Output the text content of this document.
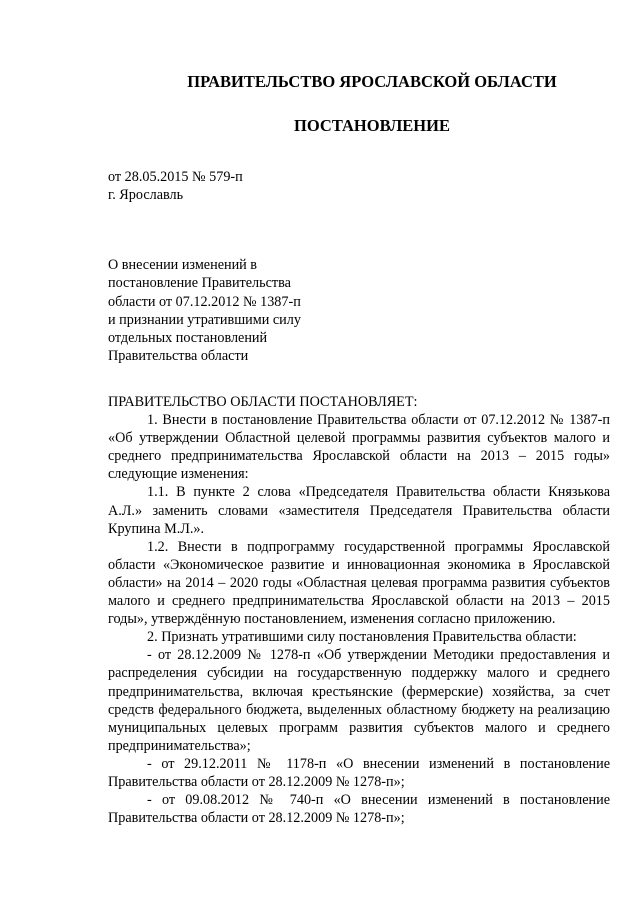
ПРАВИТЕЛЬСТВО ЯРОСЛАВСКОЙ ОБЛАСТИ
ПОСТАНОВЛЕНИЕ
от 28.05.2015 № 579-п
г. Ярославль
О внесении изменений в
постановление Правительства
области от 07.12.2012 № 1387-п
и признании утратившими силу
отдельных постановлений
Правительства области

ПРАВИТЕЛЬСТВО ОБЛАСТИ ПОСТАНОВЛЯЕТ:

1. Внести в постановление Правительства области от 07.12.2012 № 1387-п «Об утверждении Областной целевой программы развития субъектов малого и среднего предпринимательства Ярославской области на 2013 – 2015 годы» следующие изменения:

1.1. В пункте 2 слова «Председателя Правительства области Князькова А.Л.» заменить словами «заместителя Председателя Правительства области Крупина М.Л.».

1.2. Внести в подпрограмму государственной программы Ярославской области «Экономическое развитие и инновационная экономика в Ярославской области» на 2014 – 2020 годы «Областная целевая программа развития субъектов малого и среднего предпринимательства Ярославской области на 2013 – 2015 годы», утверждённую постановлением, изменения согласно приложению.

2. Признать утратившими силу постановления Правительства области:

- от 28.12.2009 № 1278-п «Об утверждении Методики предоставления и распределения субсидии на государственную поддержку малого и среднего предпринимательства, включая крестьянские (фермерские) хозяйства, за счет средств федерального бюджета, выделенных областному бюджету на реализацию муниципальных целевых программ развития субъектов малого и среднего предпринимательства»;

- от 29.12.2011 № 1178-п «О внесении изменений в постановление Правительства области от 28.12.2009 № 1278-п»;

- от 09.08.2012 № 740-п «О внесении изменений в постановление Правительства области от 28.12.2009 № 1278-п»;
